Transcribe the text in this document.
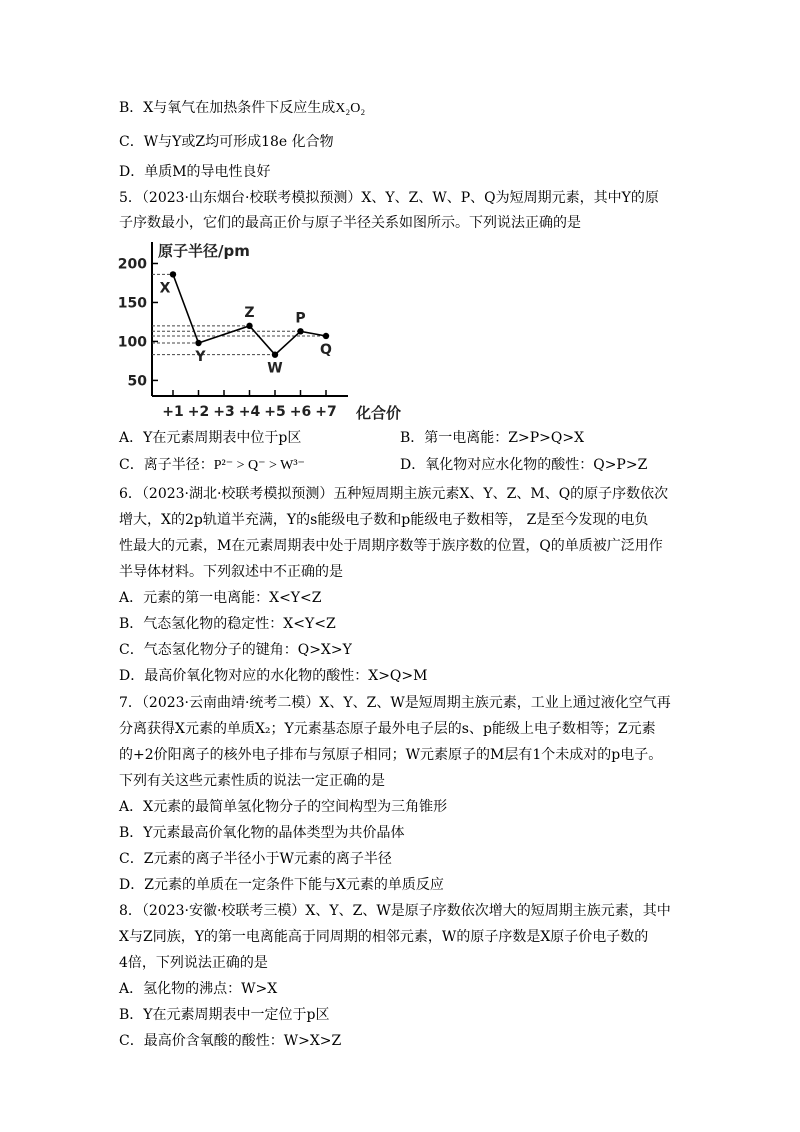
B．X与氧气在加热条件下反应生成X₂O₂
C．W与Y或Z均可形成18e 化合物
D．单质M的导电性良好
5．（2023·山东烟台·校联考模拟预测）X、Y、Z、W、P、Q为短周期元素，其中Y的原
子序数最小，它们的最高正价与原子半径关系如图所示。下列说法正确的是
50
100
150
200
+1 +2 +3 +4 +5 +6 +7
原子半径/pm
化合价
X
Y
Z
W
P
Q
A．Y在元素周期表中位于p区	B．第一电离能：Z>P>Q>X
C．离子半径：P²⁻ > Q⁻ > W³⁻	D．氧化物对应水化物的酸性：Q>P>Z
6．（2023·湖北·校联考模拟预测）五种短周期主族元素X、Y、Z、M、Q的原子序数依次
增大，X的2p轨道半充满，Y的s能级电子数和p能级电子数相等， Z是至今发现的电负
性最大的元素，M在元素周期表中处于周期序数等于族序数的位置，Q的单质被广泛用作
半导体材料。下列叙述中不正确的是
A．元素的第一电离能：X<Y<Z
B．气态氢化物的稳定性：X<Y<Z
C．气态氢化物分子的键角：Q>X>Y
D．最高价氧化物对应的水化物的酸性：X>Q>M
7．（2023·云南曲靖·统考二模）X、Y、Z、W是短周期主族元素，工业上通过液化空气再
分离获得X元素的单质X₂；Y元素基态原子最外电子层的s、p能级上电子数相等；Z元素
的+2价阳离子的核外电子排布与氖原子相同；W元素原子的M层有1个未成对的p电子。
下列有关这些元素性质的说法一定正确的是
A．X元素的最简单氢化物分子的空间构型为三角锥形
B．Y元素最高价氧化物的晶体类型为共价晶体
C．Z元素的离子半径小于W元素的离子半径
D．Z元素的单质在一定条件下能与X元素的单质反应
8．（2023·安徽·校联考三模）X、Y、Z、W是原子序数依次增大的短周期主族元素，其中
X与Z同族，Y的第一电离能高于同周期的相邻元素，W的原子序数是X原子价电子数的
4倍，下列说法正确的是
A．氢化物的沸点：W>X
B．Y在元素周期表中一定位于p区
C．最高价含氧酸的酸性：W>X>Z
